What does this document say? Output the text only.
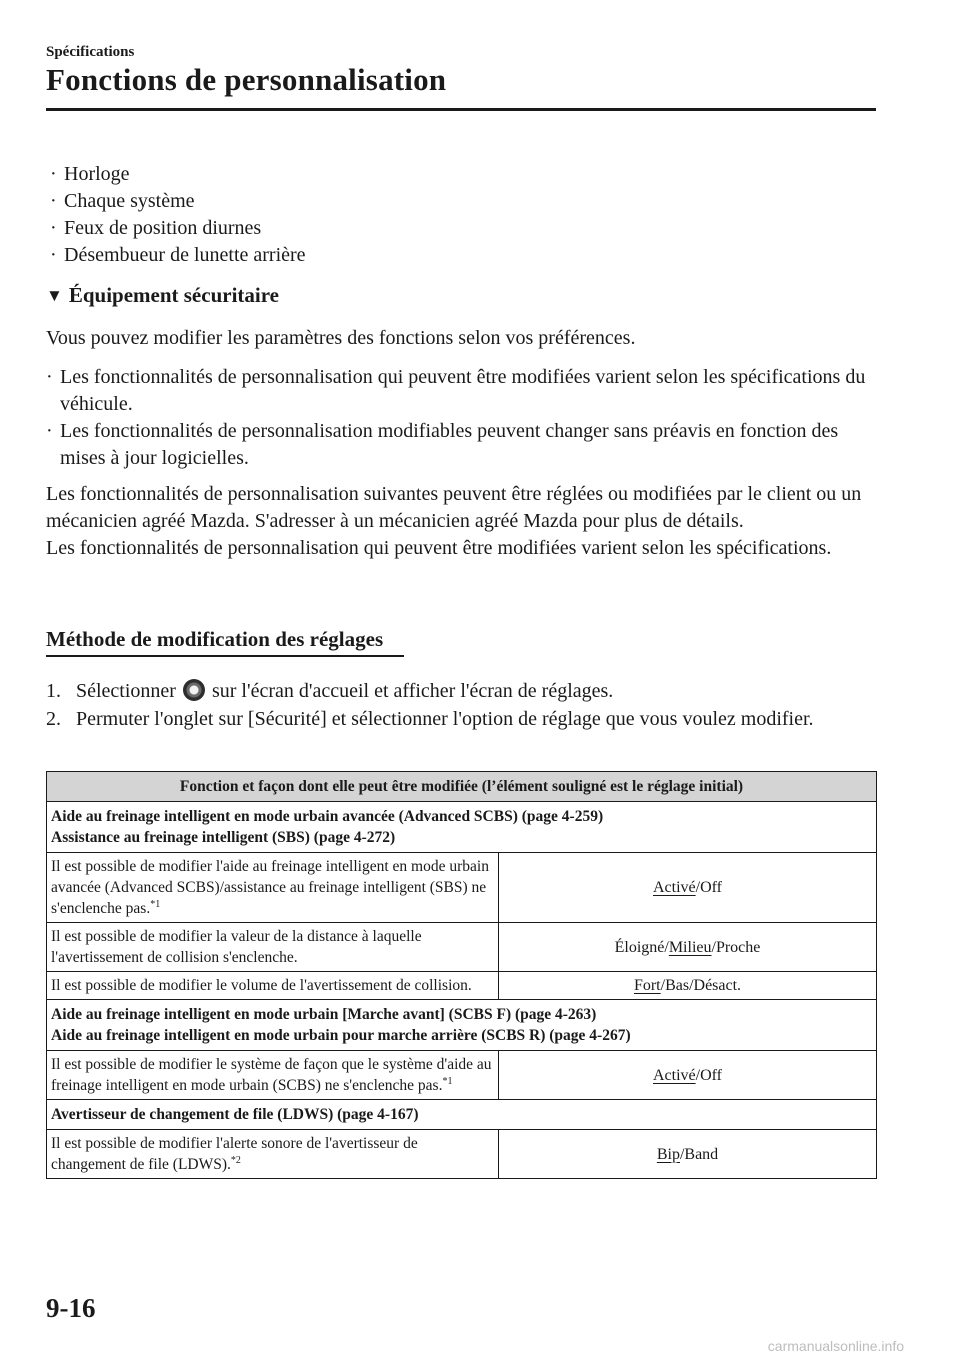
Spécifications
Fonctions de personnalisation
· Horloge
· Chaque système
· Feux de position diurnes
· Désembueur de lunette arrière
▼ Équipement sécuritaire
Vous pouvez modifier les paramètres des fonctions selon vos préférences.
· Les fonctionnalités de personnalisation qui peuvent être modifiées varient selon les spécifications du véhicule.
· Les fonctionnalités de personnalisation modifiables peuvent changer sans préavis en fonction des mises à jour logicielles.
Les fonctionnalités de personnalisation suivantes peuvent être réglées ou modifiées par le client ou un mécanicien agréé Mazda. S'adresser à un mécanicien agréé Mazda pour plus de détails.
Les fonctionnalités de personnalisation qui peuvent être modifiées varient selon les spécifications.
Méthode de modification des réglages
1. Sélectionner sur l'écran d'accueil et afficher l'écran de réglages.
2. Permuter l'onglet sur [Sécurité] et sélectionner l'option de réglage que vous voulez modifier.
Fonction et façon dont elle peut être modifiée (l’élément souligné est le réglage initial)	

Aide au freinage intelligent en mode urbain avancée (Advanced SCBS) (page 4-259)
Assistance au freinage intelligent (SBS) (page 4-272)	

Il est possible de modifier l'aide au freinage intelligent en mode urbain avancée (Advanced SCBS)/assistance au freinage intelligent (SBS) ne s'enclenche pas.$^{*1}$	Activé/Off
Il est possible de modifier la valeur de la distance à laquelle l'avertissement de collision s'enclenche.	Éloigné/Milieu/Proche
Il est possible de modifier le volume de l'avertissement de collision.	Fort/Bas/Désact.

Aide au freinage intelligent en mode urbain [Marche avant] (SCBS F) (page 4-263)
Aide au freinage intelligent en mode urbain pour marche arrière (SCBS R) (page 4-267)	

Il est possible de modifier le système de façon que le système d'aide au freinage intelligent en mode urbain (SCBS) ne s'enclenche pas.$^{*1}$	Activé/Off
Avertisseur de changement de file (LDWS) (page 4-167)	
Il est possible de modifier l'alerte sonore de l'avertisseur de changement de file (LDWS).$^{*2}$	Bip/Band
9-16
carmanualsonline.info
